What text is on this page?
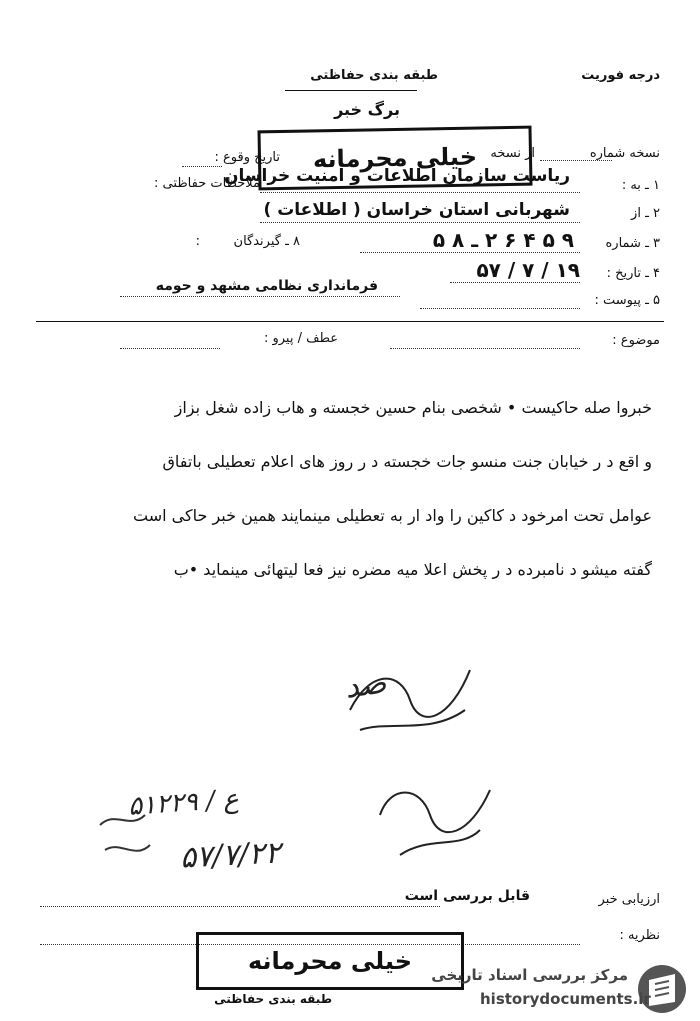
درجه فوریت
طبقه بندی حفاظتی
برگ خبر
خیلی محرمانه	نسخه شماره
از نسخه
تاریخ وقوع :
۱ ـ به :
ریاست سازمان اطلاعات و امنیت خراسان
ملاحظات حفاظتی :
۲ ـ از
شهربانی استان خراسان ( اطلاعات )
۳ ـ شماره
۹ ۵ ۴ ۶ ۲ ـ ۸ ۵
۸ ـ گیرندگان
:
۴ ـ تاریخ :
۱۹ / ۷ / ۵۷
فرمانداری نظامی مشهد و حومه
۵ ـ پیوست :
موضوع :
عطف / پیرو :
خبروا صله حاکیست • شخصی بنام حسین خجسته و هاب زاده شغل بزاز
و اقع د ر خیابان جنت منسو جات خجسته د ر روز های اعلام تعطیلی باتفاق
عوامل تحت امرخود د کاکین را واد ار به تعطیلی مینمایند همین خبر حاکی است
گفته میشو د نامبرده د ر پخش اعلا میه مضره نیز فعا لیتهائی مینماید •ب
ﺻﺪ
۵۱۲۲۹ / ع
۵۷/۷/۲۲
ارزیابی خبر
قابل بررسی است
نظریه :
خیلی محرمانه
طبقه بندی حفاظتی
مرکز بررسی اسناد تاریخی
historydocuments.ir
